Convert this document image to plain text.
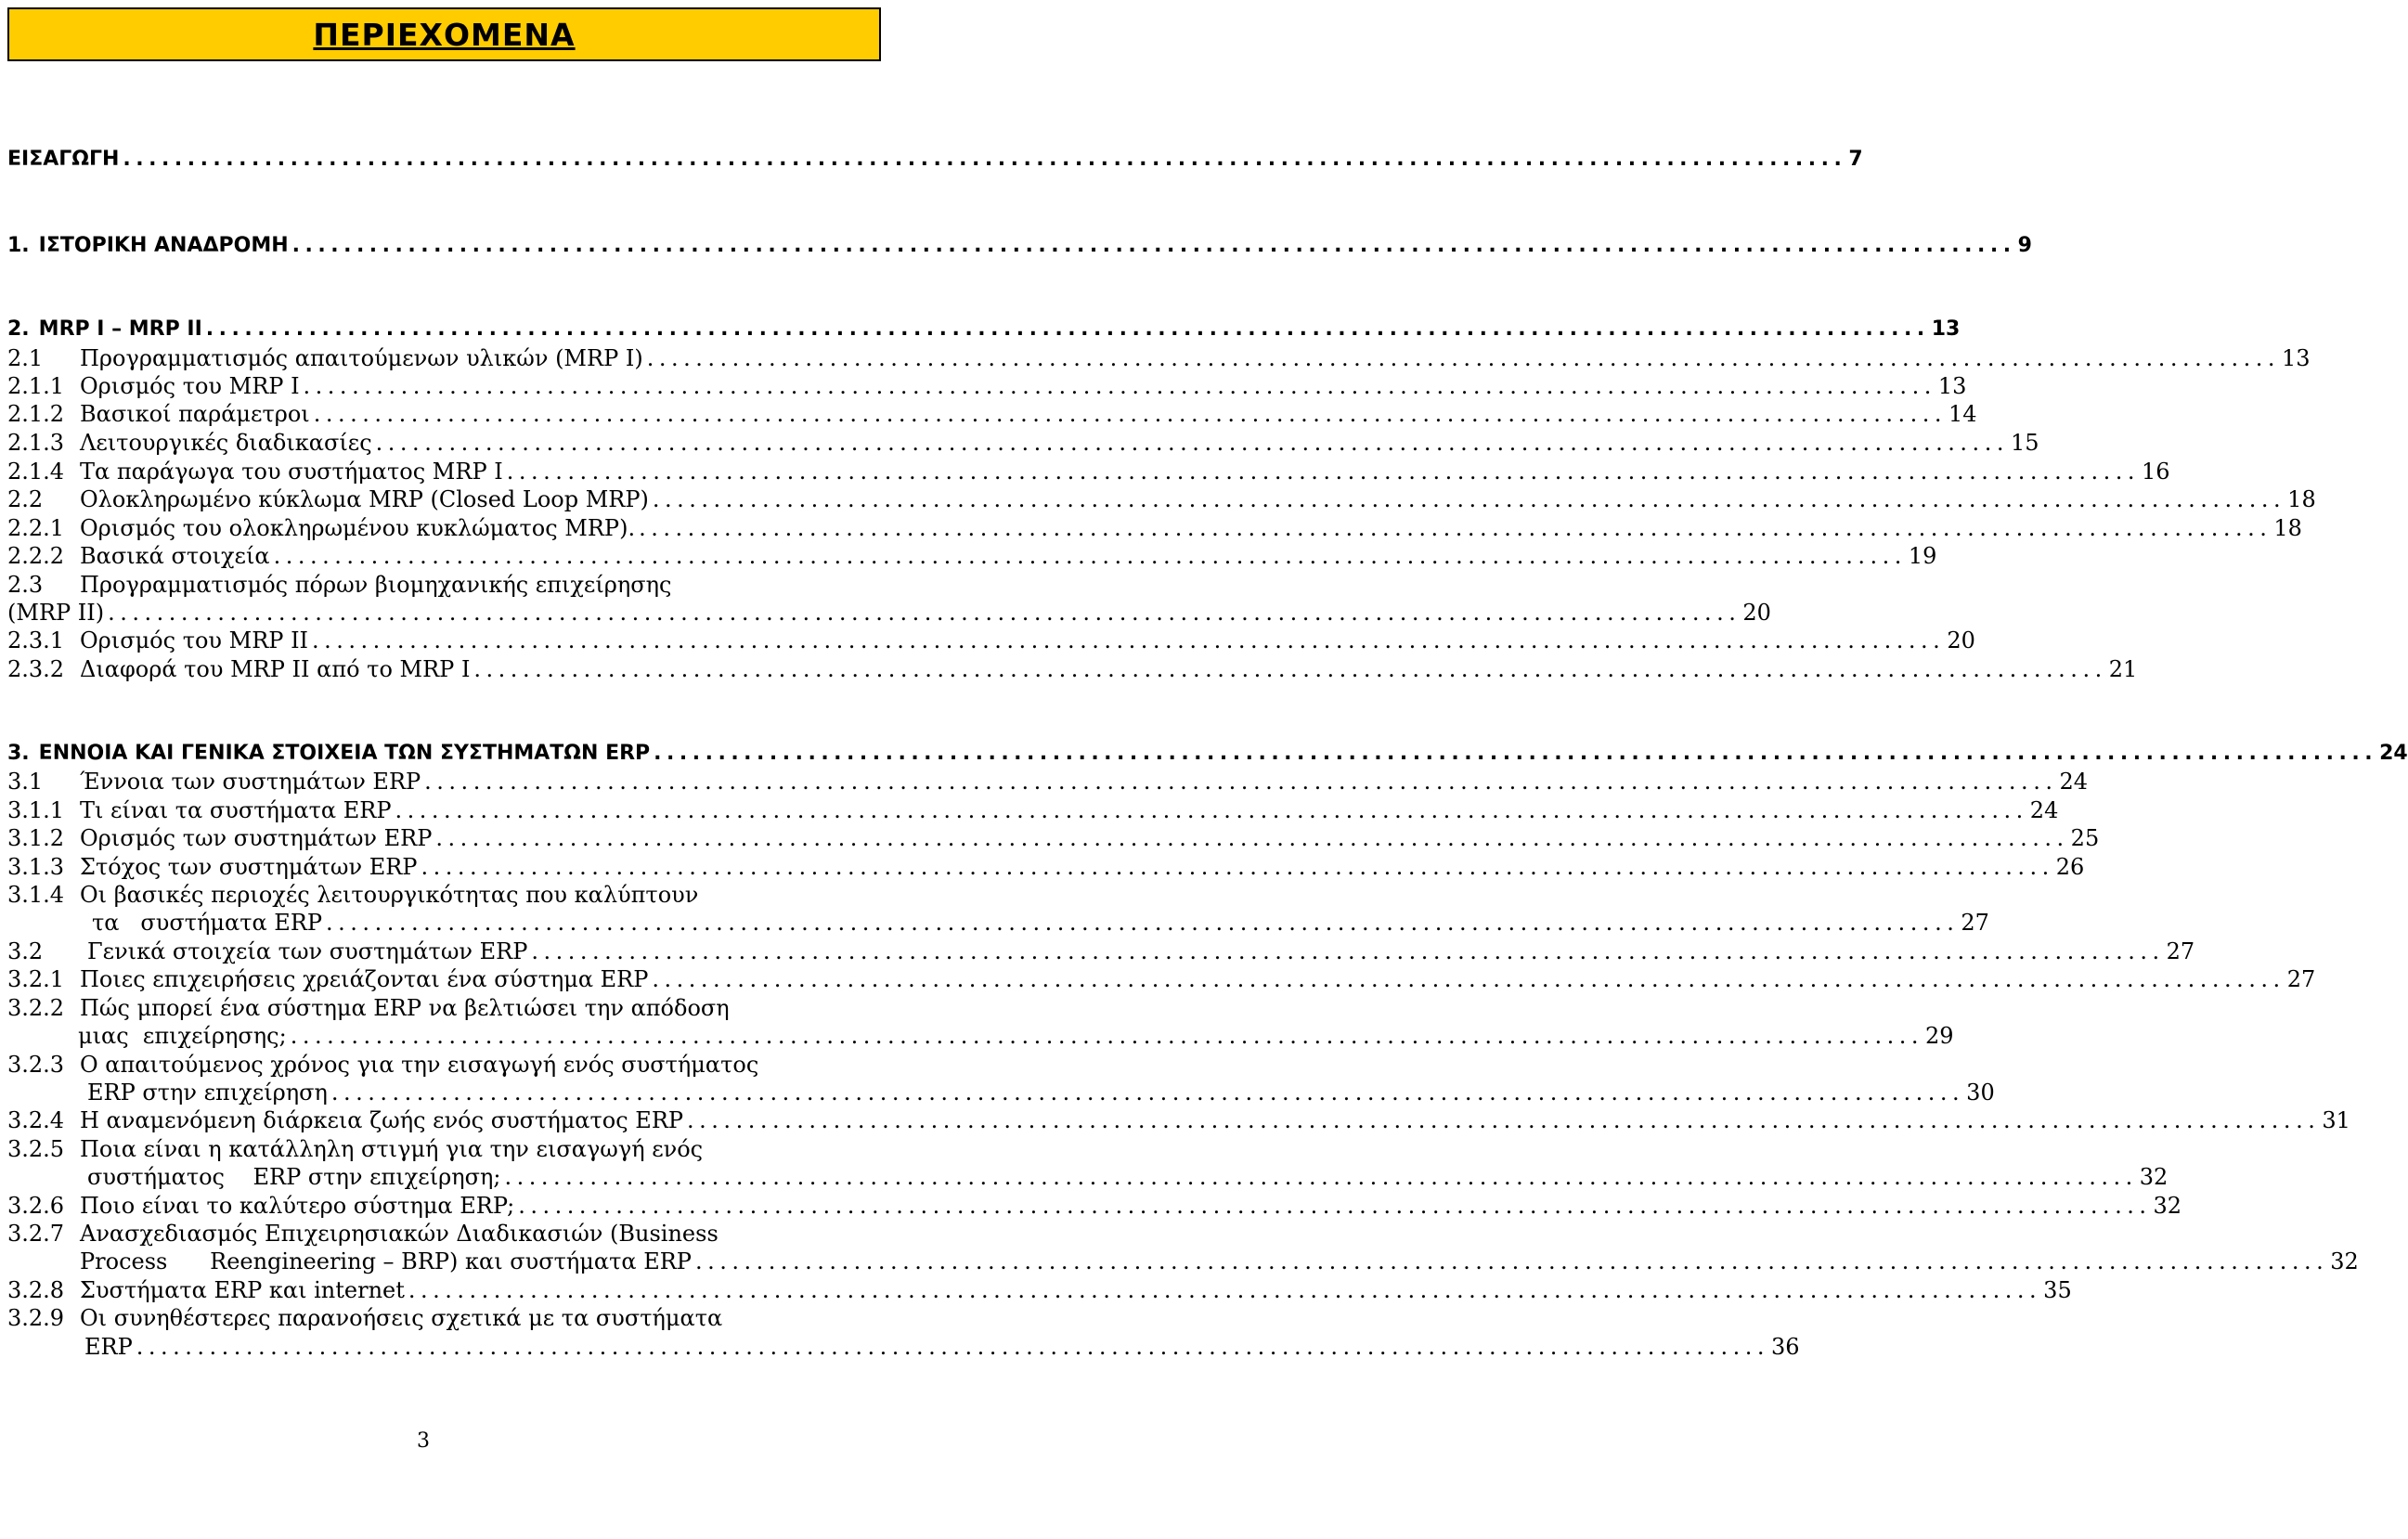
ΠΕΡΙΕΧΟΜΕΝΑ
ΕΙΣΑΓΩΓΗ .....	7
1. ΙΣΤΟΡΙΚΗ ΑΝΑΔΡΟΜΗ .....	9
2. MRP I – MRP II .....	13
2.1	Προγραμματισμός απαιτούμενων υλικών (MRP I) .....	13
2.1.1 Ορισμός του MRP I .....	13
2.1.2 Βασικοί παράμετροι .....	14
2.1.3 Λειτουργικές διαδικασίες .....	15
2.1.4 Τα παράγωγα του συστήματος MRP I .....	16
2.2	Ολοκληρωμένο κύκλωμα MRP (Closed Loop MRP) .....	18
2.2.1 Ορισμός του ολοκληρωμένου κυκλώματος MRP). .....	18
2.2.2 Βασικά στοιχεία .....	19
2.3	Προγραμματισμός πόρων βιομηχανικής επιχείρησης
(MRP II) .....	20
2.3.1 Ορισμός του MRP II .....	20
2.3.2 Διαφορά του MRP II από το MRP I .....	21
3. ΕΝΝΟΙΑ ΚΑΙ ΓΕΝΙΚΑ ΣΤΟΙΧΕΙΑ ΤΩΝ ΣΥΣΤΗΜΑΤΩΝ ERP .....	24
3.1	Έννοια των συστημάτων ERP .....	24
3.1.1 Τι είναι τα συστήματα ERP .....	24
3.1.2 Ορισμός των συστημάτων ERP .....	25
3.1.3 Στόχος των συστημάτων ERP .....	26
3.1.4 Οι βασικές περιοχές λειτουργικότητας που καλύπτουν
τα   συστήματα ERP .....	27
3.2	Γενικά στοιχεία των συστημάτων ERP .....	27
3.2.1 Ποιες επιχειρήσεις χρειάζονται ένα σύστημα ERP .....	27
3.2.2 Πώς μπορεί ένα σύστημα ERP να βελτιώσει την απόδοση
μιας  επιχείρησης; .....	29
3.2.3 Ο απαιτούμενος χρόνος για την εισαγωγή ενός συστήματος
ERP στην επιχείρηση .....	30
3.2.4 Η αναμενόμενη διάρκεια ζωής ενός συστήματος ERP .....	31
3.2.5 Ποια είναι η κατάλληλη στιγμή για την εισαγωγή ενός
συστήματος    ERP στην επιχείρηση; .....	32
3.2.6 Ποιο είναι το καλύτερο σύστημα ERP; .....	32
3.2.7 Ανασχεδιασμός Επιχειρησιακών Διαδικασιών (Business
Process      Reengineering – BRP) και συστήματα ERP .....	32
3.2.8 Συστήματα ERP και internet .....	35
3.2.9 Οι συνηθέστερες παρανοήσεις σχετικά με τα συστήματα
ERP .....	36
3
